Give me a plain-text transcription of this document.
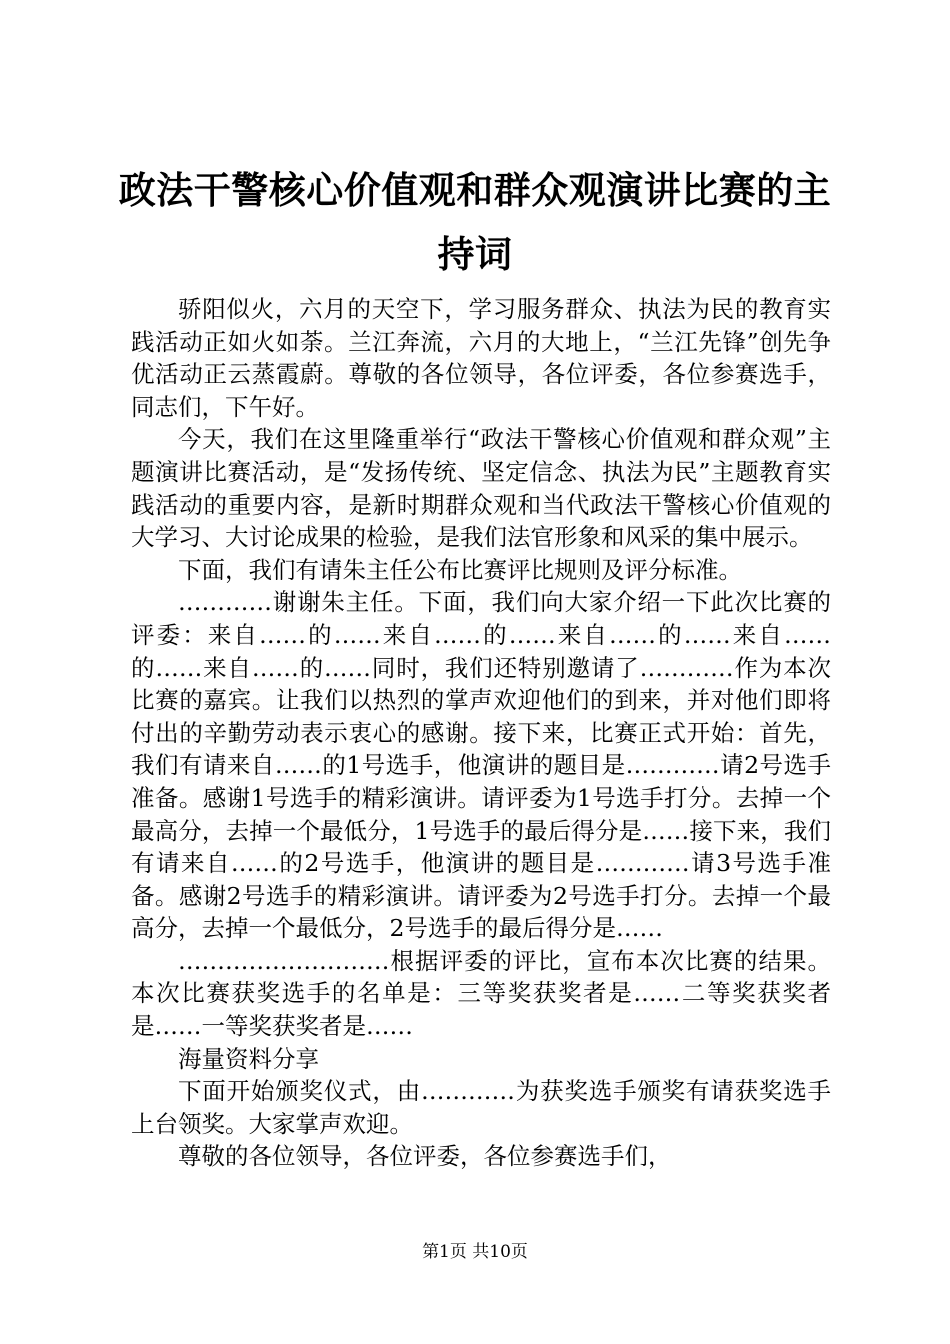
政法干警核心价值观和群众观演讲比赛的主持词

骄阳似火，六月的天空下，学习服务群众、执法为民的教育实践活动正如火如荼。兰江奔流，六月的大地上，“兰江先锋”创先争优活动正云蒸霞蔚。尊敬的各位领导，各位评委，各位参赛选手，同志们，下午好。

今天，我们在这里隆重举行“政法干警核心价值观和群众观”主题演讲比赛活动，是“发扬传统、坚定信念、执法为民”主题教育实践活动的重要内容，是新时期群众观和当代政法干警核心价值观的大学习、大讨论成果的检验，是我们法官形象和风采的集中展示。

下面，我们有请朱主任公布比赛评比规则及评分标准。

…………谢谢朱主任。下面，我们向大家介绍一下此次比赛的评委：来自……的……来自……的……来自……的……来自……的……来自……的……同时，我们还特别邀请了…………作为本次比赛的嘉宾。让我们以热烈的掌声欢迎他们的到来，并对他们即将付出的辛勤劳动表示衷心的感谢。接下来，比赛正式开始：首先，我们有请来自……的1号选手，他演讲的题目是…………请2号选手准备。感谢1号选手的精彩演讲。请评委为1号选手打分。去掉一个最高分，去掉一个最低分，1号选手的最后得分是……接下来，我们有请来自……的2号选手，他演讲的题目是…………请3号选手准备。感谢2号选手的精彩演讲。请评委为2号选手打分。去掉一个最高分，去掉一个最低分，2号选手的最后得分是……

………………………根据评委的评比，宣布本次比赛的结果。本次比赛获奖选手的名单是：三等奖获奖者是……二等奖获奖者是……一等奖获奖者是……

海量资料分享

下面开始颁奖仪式，由…………为获奖选手颁奖有请获奖选手上台领奖。大家掌声欢迎。

尊敬的各位领导，各位评委，各位参赛选手们，

第1页 共10页
